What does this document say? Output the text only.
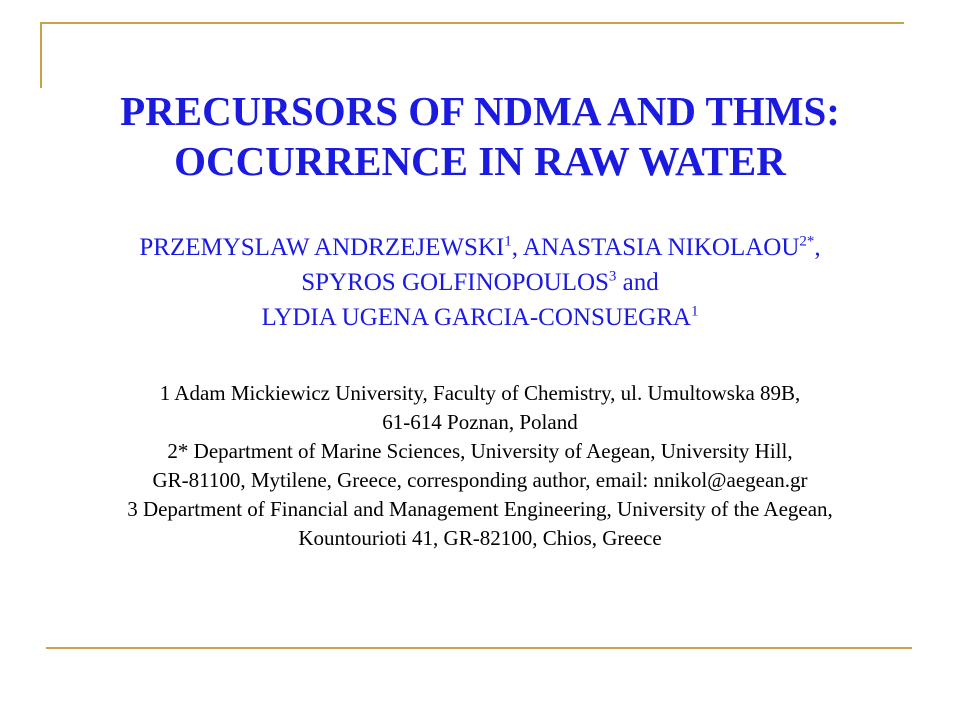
PRECURSORS OF NDMA AND THMS:
OCCURRENCE IN RAW WATER
PRZEMYSLAW ANDRZEJEWSKI$^1$, ANASTASIA $NIKOLAOU^{2*}$,
SPYROS GOLFINOPOULOS$^3$ and
LYDIA UGENA GARCIA-CONSUEGRA$^1$
1 Adam Mickiewicz University, Faculty of Chemistry, ul. Umultowska 89B,
61-614 Poznan, Poland
2* Department of Marine Sciences, University of Aegean, University Hill,
GR-81100, Mytilene, Greece, corresponding author, email: nnikol@aegean.gr
3 Department of Financial and Management Engineering, University of the Aegean,
Kountourioti 41, GR-82100, Chios, Greece
